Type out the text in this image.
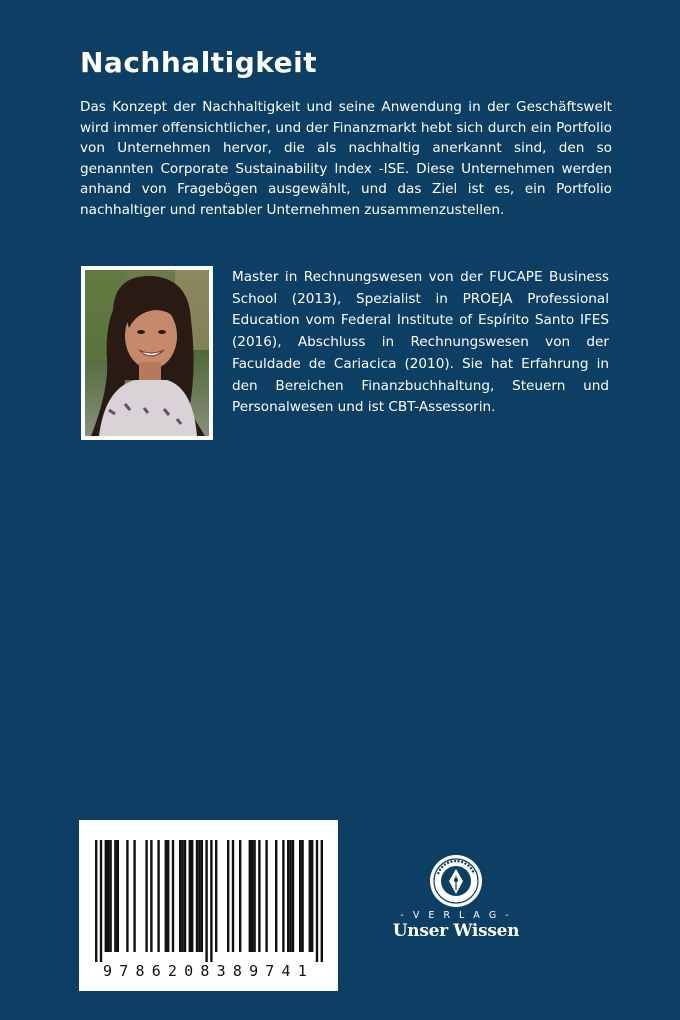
Nachhaltigkeit

Das Konzept der Nachhaltigkeit und seine Anwendung in der Geschäftswelt wird immer offensichtlicher, und der Finanzmarkt hebt sich durch ein Portfolio von Unternehmen hervor, die als nachhaltig anerkannt sind, den so genannten Corporate Sustainability Index -ISE. Diese Unternehmen werden anhand von Fragebögen ausgewählt, und das Ziel ist es, ein Portfolio nachhaltiger und rentabler Unternehmen zusammenzustellen.

Master in Rechnungswesen von der FUCAPE Business School (2013), Spezialist in PROEJA Professional Education vom Federal Institute of Espírito Santo IFES (2016), Abschluss in Rechnungswesen von der Faculdade de Cariacica (2010). Sie hat Erfahrung in den Bereichen Finanzbuchhaltung, Steuern und Personalwesen und ist CBT-Assessorin.

9786208389741
- V E R L A G -
Unser Wissen
